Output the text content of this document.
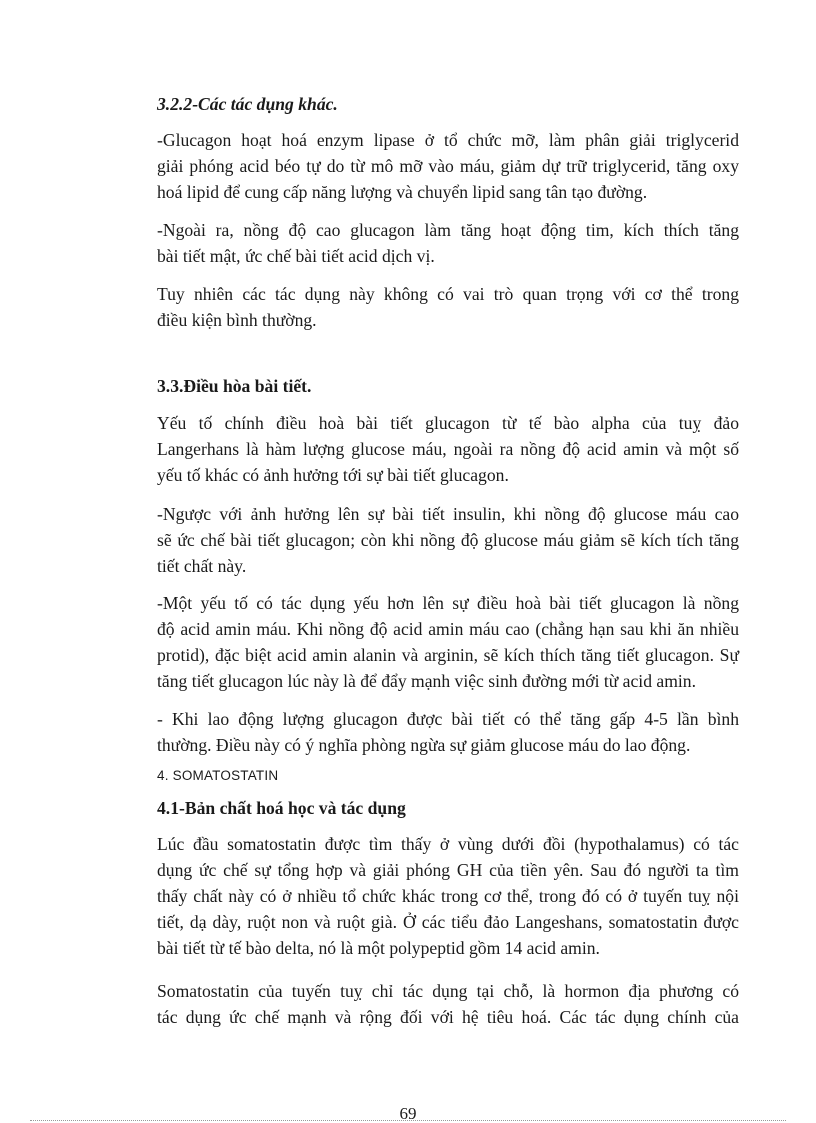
3.2.2-Các tác dụng khác.
-Glucagon hoạt hoá enzym lipase ở tổ chức mỡ, làm phân giải triglycerid
giải phóng acid béo tự do từ mô mỡ vào máu, giảm dự trữ triglycerid, tăng oxy
hoá lipid để cung cấp năng lượng và chuyển lipid sang tân tạo đường.
-Ngoài ra, nồng độ cao glucagon làm tăng hoạt động tim, kích thích tăng
bài tiết mật, ức chế bài tiết acid dịch vị.
Tuy nhiên các tác dụng này không có vai trò quan trọng với cơ thể trong
điều kiện bình thường.
3.3.Điều hòa bài tiết.
Yếu tố chính điều hoà bài tiết glucagon từ tế bào alpha của tuỵ đảo
Langerhans là hàm lượng glucose máu, ngoài ra nồng độ acid amin và một số
yếu tố khác có ảnh hưởng tới sự bài tiết glucagon.
-Ngược với ảnh hưởng lên sự bài tiết insulin, khi nồng độ glucose máu cao
sẽ ức chế bài tiết glucagon; còn khi nồng độ glucose máu giảm sẽ kích tích tăng
tiết chất này.
-Một yếu tố có tác dụng yếu hơn lên sự điều hoà bài tiết glucagon là nồng
độ acid amin máu. Khi nồng độ acid amin máu cao (chẳng hạn sau khi ăn nhiều
protid), đặc biệt acid amin alanin và arginin, sẽ kích thích tăng tiết glucagon. Sự
tăng tiết glucagon lúc này là để đẩy mạnh việc sinh đường mới từ acid amin.
- Khi lao động lượng glucagon được bài tiết có thể tăng gấp 4-5 lần bình
thường. Điều này có ý nghĩa phòng ngừa sự giảm glucose máu do lao động.
4. SOMATOSTATIN
4.1-Bản chất hoá học và tác dụng
Lúc đầu somatostatin được tìm thấy ở vùng dưới đồi (hypothalamus) có tác
dụng ức chế sự tổng hợp và giải phóng GH của tiền yên. Sau đó người ta tìm
thấy chất này có ở nhiều tổ chức khác trong cơ thể, trong đó có ở tuyến tuỵ nội
tiết, dạ dày, ruột non và ruột già. Ở các tiểu đảo Langeshans, somatostatin được
bài tiết từ tế bào delta, nó là một polypeptid gồm 14 acid amin.
Somatostatin của tuyến tuỵ chỉ tác dụng tại chỗ, là hormon địa phương có
tác dụng ức chế mạnh và rộng đối với hệ tiêu hoá. Các tác dụng chính của
69
